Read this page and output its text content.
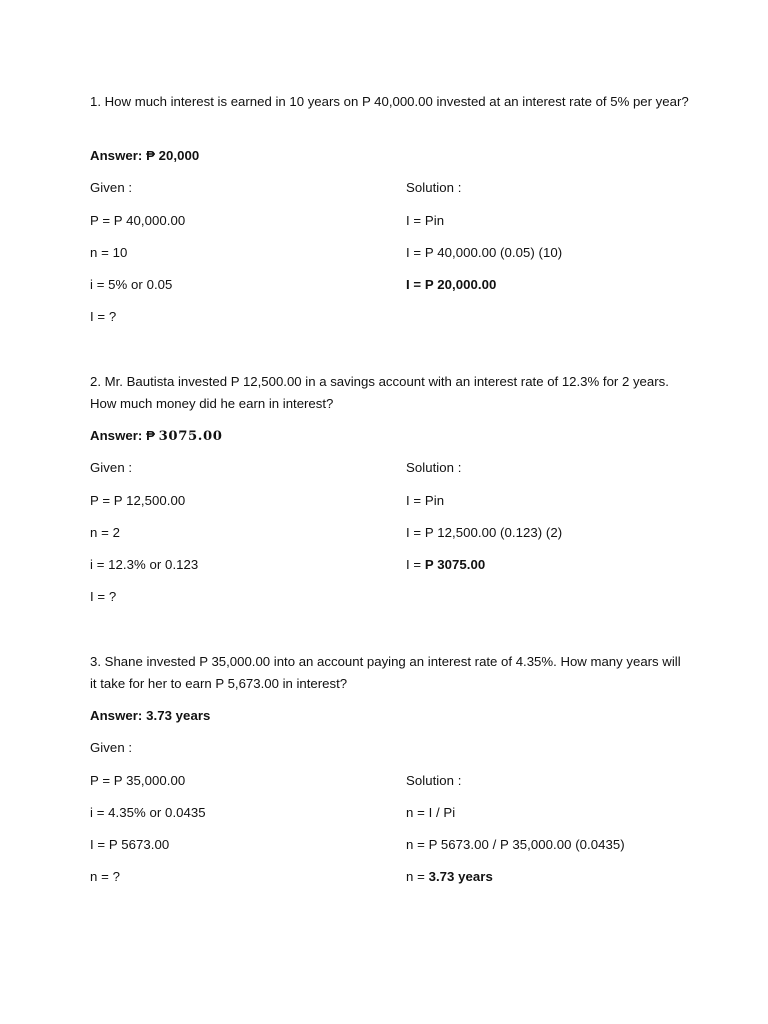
1. How much interest is earned in 10 years on P 40,000.00 invested at an interest rate of 5% per year?
Answer: ₱ 20,000
Given :	Solution :
P = P 40,000.00
n = 10
i = 5% or 0.05
I = ?
I = Pin
I = P 40,000.00 (0.05) (10)
I = P 20,000.00
2. Mr. Bautista invested P 12,500.00 in a savings account with an interest rate of 12.3% for 2 years. How much money did he earn in interest?
Answer: ₱ 3075.00
Given :	Solution :
P = P 12,500.00
n = 2
i = 12.3% or 0.123
I = ?
I = Pin
I = P 12,500.00 (0.123) (2)
I = P 3075.00
3. Shane invested P 35,000.00 into an account paying an interest rate of 4.35%. How many years will it take for her to earn P 5,673.00 in interest?
Answer: 3.73 years
Given :
P = P 35,000.00
i = 4.35% or 0.0435
I = P 5673.00
n = ?
Solution :
n = I / Pi
n = P 5673.00 / P 35,000.00 (0.0435)
n = 3.73 years
